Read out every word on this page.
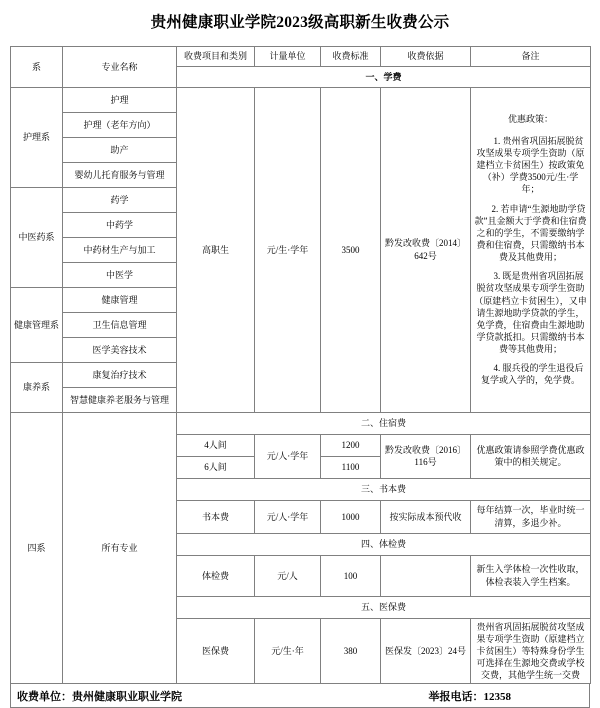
贵州健康职业学院2023级高职新生收费公示
系	专业名称	收费项目和类别	计量单位	收费标准	收费依据	备注
		一、学费				
护理系	护理	高职生	元/生·学年	3500	黔发改收费〔2014〕642号	优惠政策：

1. 贵州省巩固拓展脱贫攻坚成果专项学生资助（原建档立卡贫困生）按政策免（补）学费3500元/生·学年；

2. 若申请“生源地助学贷款”且金额大于学费和住宿费之和的学生，不需要缴纳学费和住宿费，只需缴纳书本费及其他费用；

3. 既是贵州省巩固拓展脱贫攻坚成果专项学生资助（原建档立卡贫困生），又申请生源地助学贷款的学生，免学费，住宿费由生源地助学贷款抵扣。只需缴纳书本费等其他费用；

4. 服兵役的学生退役后复学或入学的，免学费。

	护理（老年方向）					
	助产					
	婴幼儿托育服务与管理					
中医药系	药学					
	中药学					
	中药材生产与加工					
	中医学					
健康管理系	健康管理					
	卫生信息管理					
	医学美容技术					
康养系	康复治疗技术					
	智慧健康养老服务与管理					
四系	所有专业	二、住宿费				
		4人间	元/人·学年	1200	黔发改收费〔2016〕116号	优惠政策请参照学费优惠政策中的相关规定。
		6人间		1100		
		三、书本费				
		书本费	元/人·学年	1000	按实际成本预代收	每年结算一次，毕业时统一清算，多退少补。
		四、体检费				
		体检费	元/人	100		新生入学体检一次性收取，体检表装入学生档案。
		五、医保费				
		医保费	元/生·年	380	医保发〔2023〕24号	贵州省巩固拓展脱贫攻坚成果专项学生资助（原建档立卡贫困生）等特殊身份学生可选择在生源地交费或学校交费，其他学生统一交费
收费单位：贵州健康职业职业学院	举报电话：12358
